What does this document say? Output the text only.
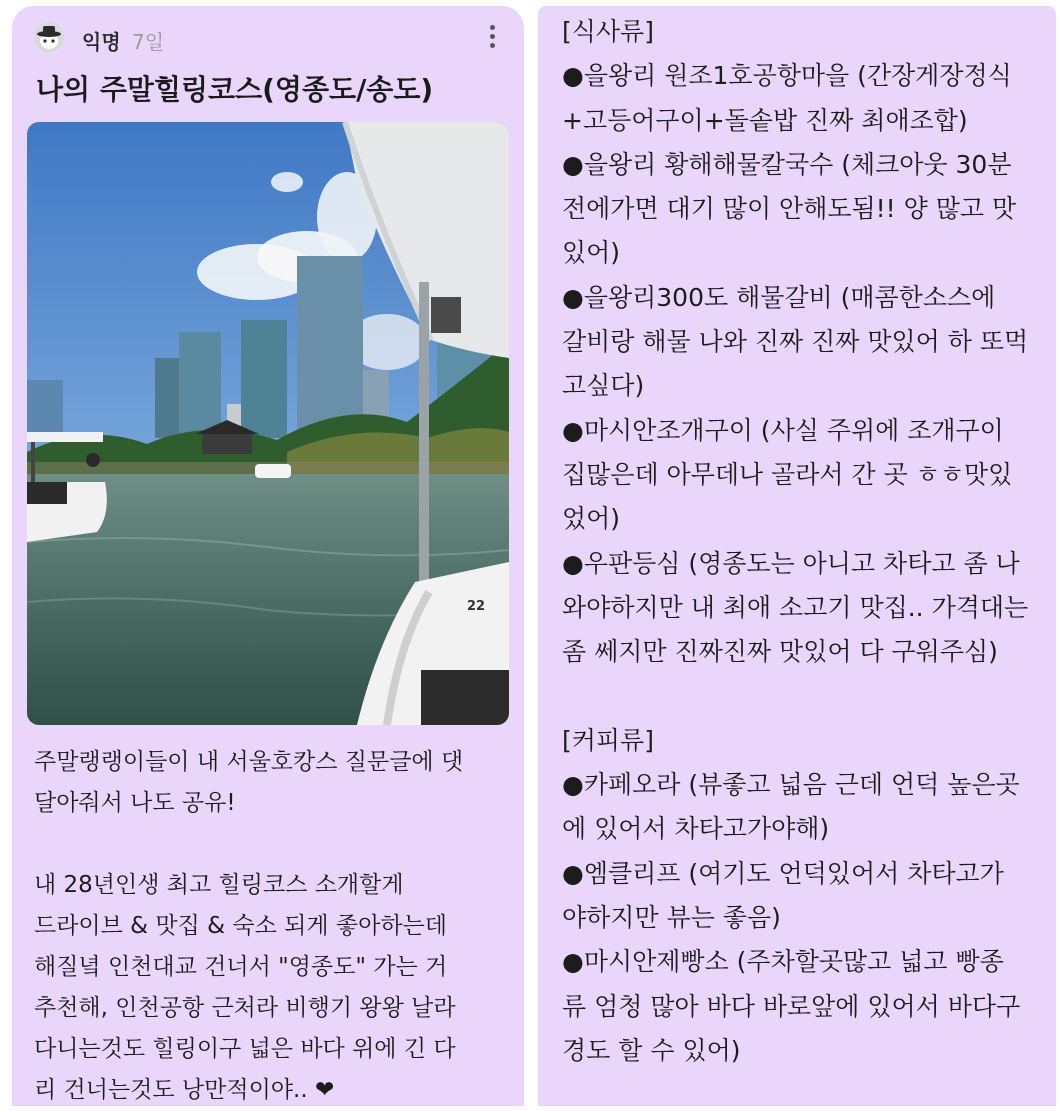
익명 7일
나의 주말힐링코스(영종도/송도)
22

주말랭랭이들이 내 서울호캉스 질문글에 댓

달아줘서 나도 공유!

내 28년인생 최고 힐링코스 소개할게

드라이브 & 맛집 & 숙소 되게 좋아하는데

해질녘 인천대교 건너서 "영종도" 가는 거

추천해, 인천공항 근처라 비행기 왕왕 날라

다니는것도 힐링이구 넓은 바다 위에 긴 다

리 건너는것도 낭만적이야.. ❤

[식사류]

●을왕리 원조1호공항마을 (간장게장정식

+고등어구이+돌솥밥 진짜 최애조합)

●을왕리 황해해물칼국수 (체크아웃 30분

전에가면 대기 많이 안해도됨!! 양 많고 맛

있어)

●을왕리300도 해물갈비 (매콤한소스에

갈비랑 해물 나와 진짜 진짜 맛있어 하 또먹

고싶다)

●마시안조개구이 (사실 주위에 조개구이

집많은데 아무데나 골라서 간 곳 ㅎㅎ맛있

었어)

●우판등심 (영종도는 아니고 차타고 좀 나

와야하지만 내 최애 소고기 맛집.. 가격대는

좀 쎄지만 진짜진짜 맛있어 다 구워주심)

[커피류]

●카페오라 (뷰좋고 넓음 근데 언덕 높은곳

에 있어서 차타고가야해)

●엠클리프 (여기도 언덕있어서 차타고가

야하지만 뷰는 좋음)

●마시안제빵소 (주차할곳많고 넓고 빵종

류 엄청 많아 바다 바로앞에 있어서 바다구

경도 할 수 있어)
